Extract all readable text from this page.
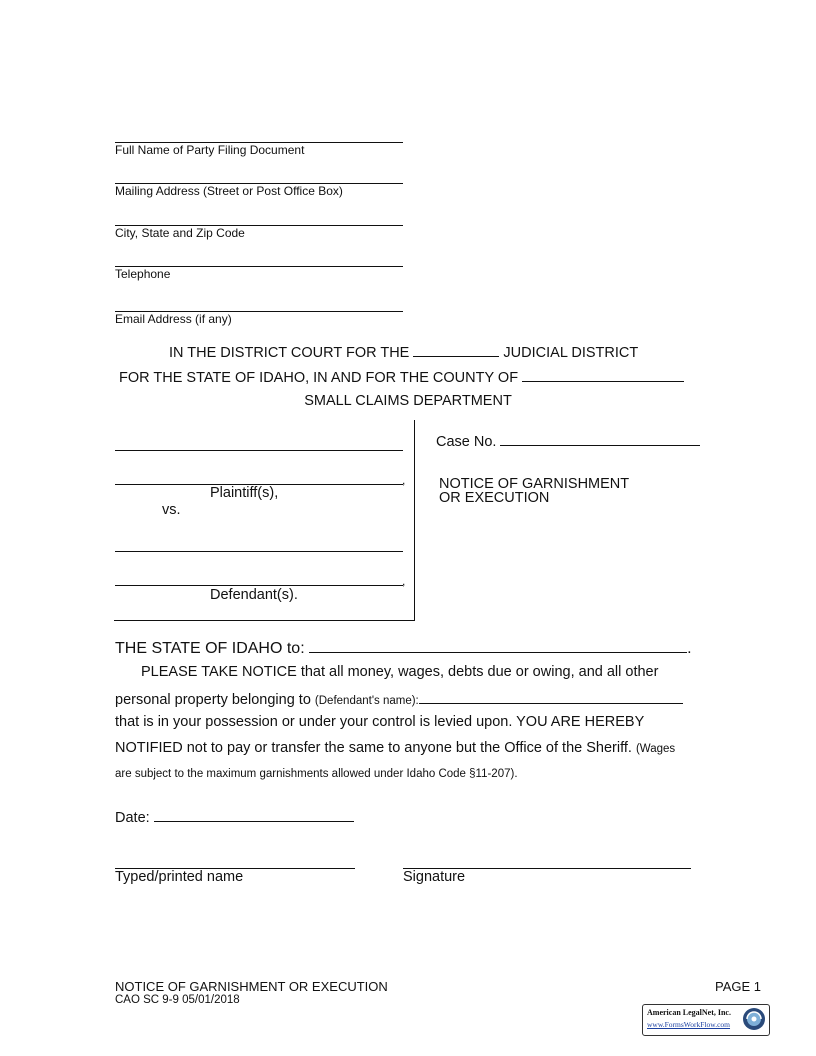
Full Name of Party Filing Document
Mailing Address (Street or Post Office Box)
City, State and Zip Code
Telephone
Email Address (if any)
IN THE DISTRICT COURT FOR THE	JUDICIAL DISTRICT
FOR THE STATE OF IDAHO, IN AND FOR THE COUNTY OF
SMALL CLAIMS DEPARTMENT
,
Plaintiff(s),
vs.
,
Defendant(s).
Case No.
NOTICE OF GARNISHMENT
OR EXECUTION
THE STATE OF IDAHO to:	.
PLEASE TAKE NOTICE that all money, wages, debts due or owing, and all other
personal property belonging to (Defendant's name):
that is in your possession or under your control is levied upon. YOU ARE HEREBY
NOTIFIED not to pay or transfer the same to anyone but the Office of the Sheriff. (Wages
are subject to the maximum garnishments allowed under Idaho Code §11-207).
Date:
Typed/printed name	Signature
NOTICE OF GARNISHMENT OR EXECUTION
CAO SC 9-9 05/01/2018
PAGE 1
American LegalNet, Inc.
www.FormsWorkFlow.com
